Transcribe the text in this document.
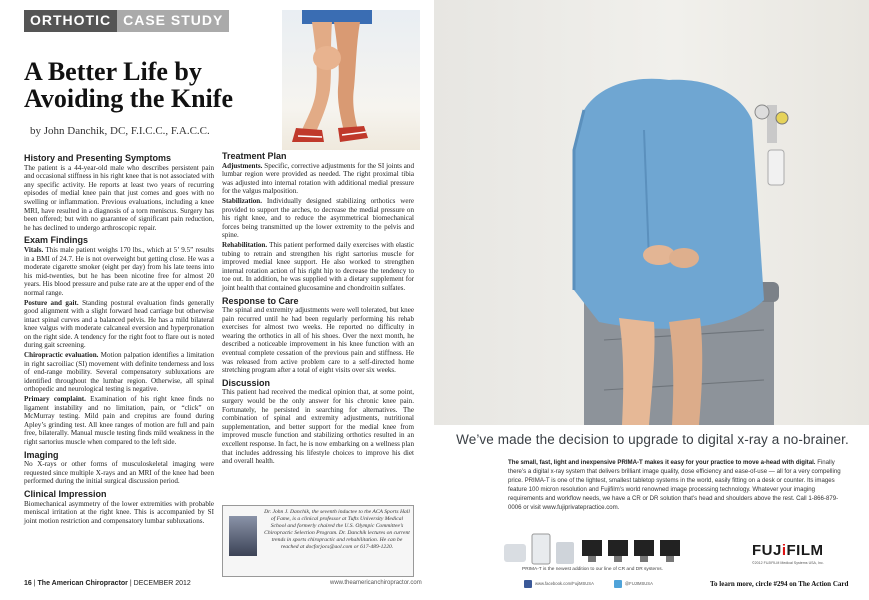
ORTHOTIC CASE STUDY
A Better Life by Avoiding the Knife
by John Danchik, DC, F.I.C.C., F.A.C.C.
History and Presenting Symptoms

The patient is a 44-year-old male who describes persistent pain and occasional stiffness in his right knee that is not associated with any specific activity. He reports at least two years of recurring episodes of medial knee pain that just comes and goes with no swelling or inflammation. Previous evaluations, including a knee MRI, have resulted in a diagnosis of a torn meniscus. Surgery has been offered; but with no guarantee of significant pain reduction, he has declined to undergo arthroscopic repair.

Exam Findings

Vitals. This male patient weighs 170 lbs., which at 5’ 9.5” results in a BMI of 24.7. He is not overweight but getting close. He was a moderate cigarette smoker (eight per day) from his late teens into his mid-twenties, but he has been nicotine free for almost 20 years. His blood pressure and pulse rate are at the upper end of the normal range.

Posture and gait. Standing postural evaluation finds generally good alignment with a slight forward head carriage but otherwise intact spinal curves and a balanced pelvis. He has a mild bilateral knee valgus with moderate calcaneal eversion and hyperpronation on the right side. A tendency for the right foot to flare out is noted during gait screening.

Chiropractic evaluation. Motion palpation identifies a limitation in right sacroiliac (SI) movement with definite tenderness and loss of end-range mobility. Several compensatory subluxations are identified throughout the lumbar region. Otherwise, all spinal orthopedic and neurological testing is negative.

Primary complaint. Examination of his right knee finds no ligament instability and no limitation, pain, or “click” on McMurray testing. Mild pain and crepitus are found during Apley’s grinding test. All knee ranges of motion are full and pain free, bilaterally. Manual muscle testing finds mild weakness in the right sartorius muscle when compared to the left side.

Imaging

No X-rays or other forms of musculoskeletal imaging were requested since multiple X-rays and an MRI of the knee had been performed during the initial surgical discussion period.

Clinical Impression

Biomechanical asymmetry of the lower extremities with probable meniscal irritation at the right knee. This is accompanied by SI joint motion restriction and compensatory lumbar subluxations.

Treatment Plan

Adjustments. Specific, corrective adjustments for the SI joints and lumbar region were provided as needed. The right proximal tibia was adjusted into internal rotation with additional medial pressure for the valgus malposition.

Stabilization. Individually designed stabilizing orthotics were provided to support the arches, to decrease the medial pressure on his right knee, and to reduce the asymmetrical biomechanical forces being transmitted up the lower extremity to the pelvis and spine.

Rehabilitation. This patient performed daily exercises with elastic tubing to retrain and strengthen his right sartorius muscle for improved medial knee support. He also worked to strengthen internal rotation action of his right hip to decrease the tendency to toe out. In addition, he was supplied with a dietary supplement for joint health that contained glucosamine and chondroitin sulfates.

Response to Care

The spinal and extremity adjustments were well tolerated, but knee pain recurred until he had been regularly performing his rehab exercises for almost two weeks. He reported no difficulty in wearing the orthotics in all of his shoes. Over the next month, he described a noticeable improvement in his knee function with an eventual complete cessation of the previous pain and stiffness. He was released from active problem care to a self-directed home stretching program after a total of eight visits over six weeks.

Discussion

This patient had received the medical opinion that, at some point, surgery would be the only answer for his chronic knee pain. Fortunately, he persisted in searching for alternatives. The combination of spinal and extremity adjustments, nutritional supplementation, and better support for the medial knee from improved muscle function and stabilizing orthotics resulted in an excellent response. In fact, he is now embarking on a wellness plan that includes addressing his lifestyle choices to improve his diet and overall health.

Dr. John J. Danchik, the seventh inductee to the ACA Sports Hall of Fame, is a clinical professor at Tufts University Medical School and formerly chaired the U.S. Olympic Committee’s Chiropractic Selection Program. Dr. Danchik lectures on current trends in sports chiropractic and rehabilitation. He can be reached at docforjocs@aol.com or 617-489-1220.
16 | The American Chiropractor | DECEMBER 2012	www.theamericanchiropractor.com
We’ve made the decision to upgrade to digital x-ray a no-brainer.
The small, fast, light and inexpensive PRIMA-T makes it easy for your practice to move a-head with digital. Finally there’s a digital x-ray system that delivers brilliant image quality, dose efficiency and ease-of-use — all for a very compelling price. PRIMA-T is one of the lightest, smallest tabletop systems in the world, easily fitting on a desk or counter. Its images feature 100 micron resolution and Fujifilm’s world renowned image processing technology. Whatever your imaging requirements and workflow needs, we have a CR or DR solution that’s head and shoulders above the rest. Call 1-866-879-0006 or visit www.fujiprivatepractice.com.
PRIMA-T is the newest addition to our line of CR and DR systems.
FUJiFILM
©2012 FUJIFILM Medical Systems USA, Inc.
www.facebook.com/FujiMSUSA	@FUJIMSUSA	To learn more, circle #294 on The Action Card
